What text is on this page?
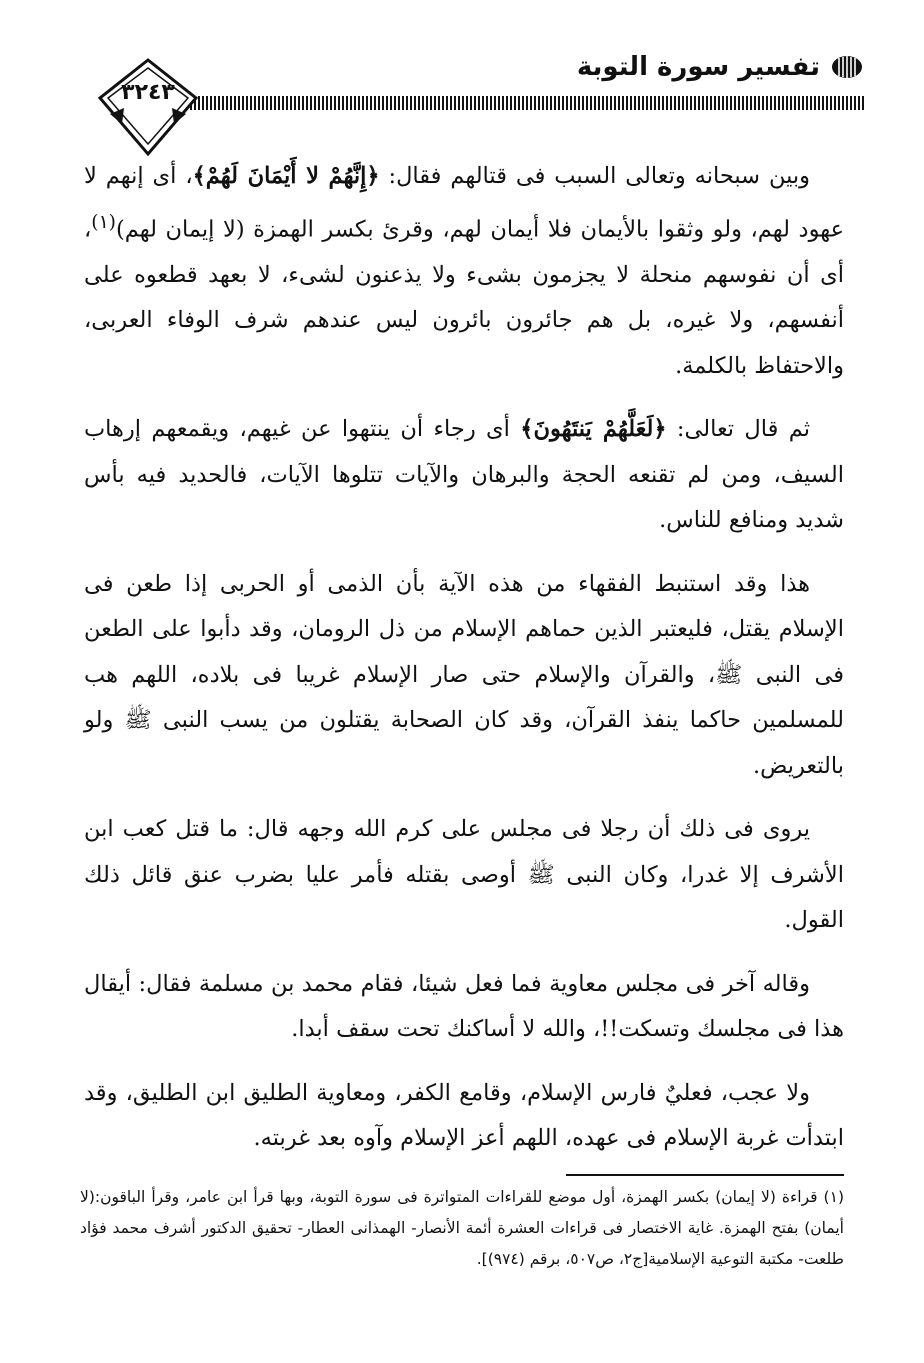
تفسير سورة التوبة
٣٢٤٣

وبين سبحانه وتعالى السبب فى قتالهم فقال: ﴿إِنَّهُمْ لا أَيْمَانَ لَهُمْ﴾، أى إنهم لا عهود لهم، ولو وثقوا بالأيمان فلا أيمان لهم، وقرئ بكسر الهمزة (لا إيمان لهم)$^{(١)}$، أى أن نفوسهم منحلة لا يجزمون بشىء ولا يذعنون لشىء، لا بعهد قطعوه على أنفسهم، ولا غيره، بل هم جائرون بائرون ليس عندهم شرف الوفاء العربى، والاحتفاظ بالكلمة.

ثم قال تعالى: ﴿لَعَلَّهُمْ يَنتَهُونَ﴾ أى رجاء أن ينتهوا عن غيهم، ويقمعهم إرهاب السيف، ومن لم تقنعه الحجة والبرهان والآيات تتلوها الآيات، فالحديد فيه بأس شديد ومنافع للناس.

هذا وقد استنبط الفقهاء من هذه الآية بأن الذمى أو الحربى إذا طعن فى الإسلام يقتل، فليعتبر الذين حماهم الإسلام من ذل الرومان، وقد دأبوا على الطعن فى النبى ﷺ، والقرآن والإسلام حتى صار الإسلام غريبا فى بلاده، اللهم هب للمسلمين حاكما ينفذ القرآن، وقد كان الصحابة يقتلون من يسب النبى ﷺ ولو بالتعريض.

يروى فى ذلك أن رجلا فى مجلس على كرم الله وجهه قال: ما قتل كعب ابن الأشرف إلا غدرا، وكان النبى ﷺ أوصى بقتله فأمر عليا بضرب عنق قائل ذلك القول.

وقاله آخر فى مجلس معاوية فما فعل شيئا، فقام محمد بن مسلمة فقال: أيقال هذا فى مجلسك وتسكت!!، والله لا أساكنك تحت سقف أبدا.

ولا عجب، فعليٌ فارس الإسلام، وقامع الكفر، ومعاوية الطليق ابن الطليق، وقد ابتدأت غربة الإسلام فى عهده، اللهم أعز الإسلام وآوه بعد غربته.

(١) قراءة (لا إيمان) بكسر الهمزة، أول موضع للقراءات المتواترة فى سورة التوبة، وبها قرأ ابن عامر، وقرأ الباقون:(لا أيمان) بفتح الهمزة. غاية الاختصار فى قراءات العشرة أئمة الأنصار- الهمذانى العطار- تحقيق الدكتور أشرف محمد فؤاد طلعت- مكتبة التوعية الإسلامية[ج٢، ص٥٠٧، برقم (٩٧٤)].
